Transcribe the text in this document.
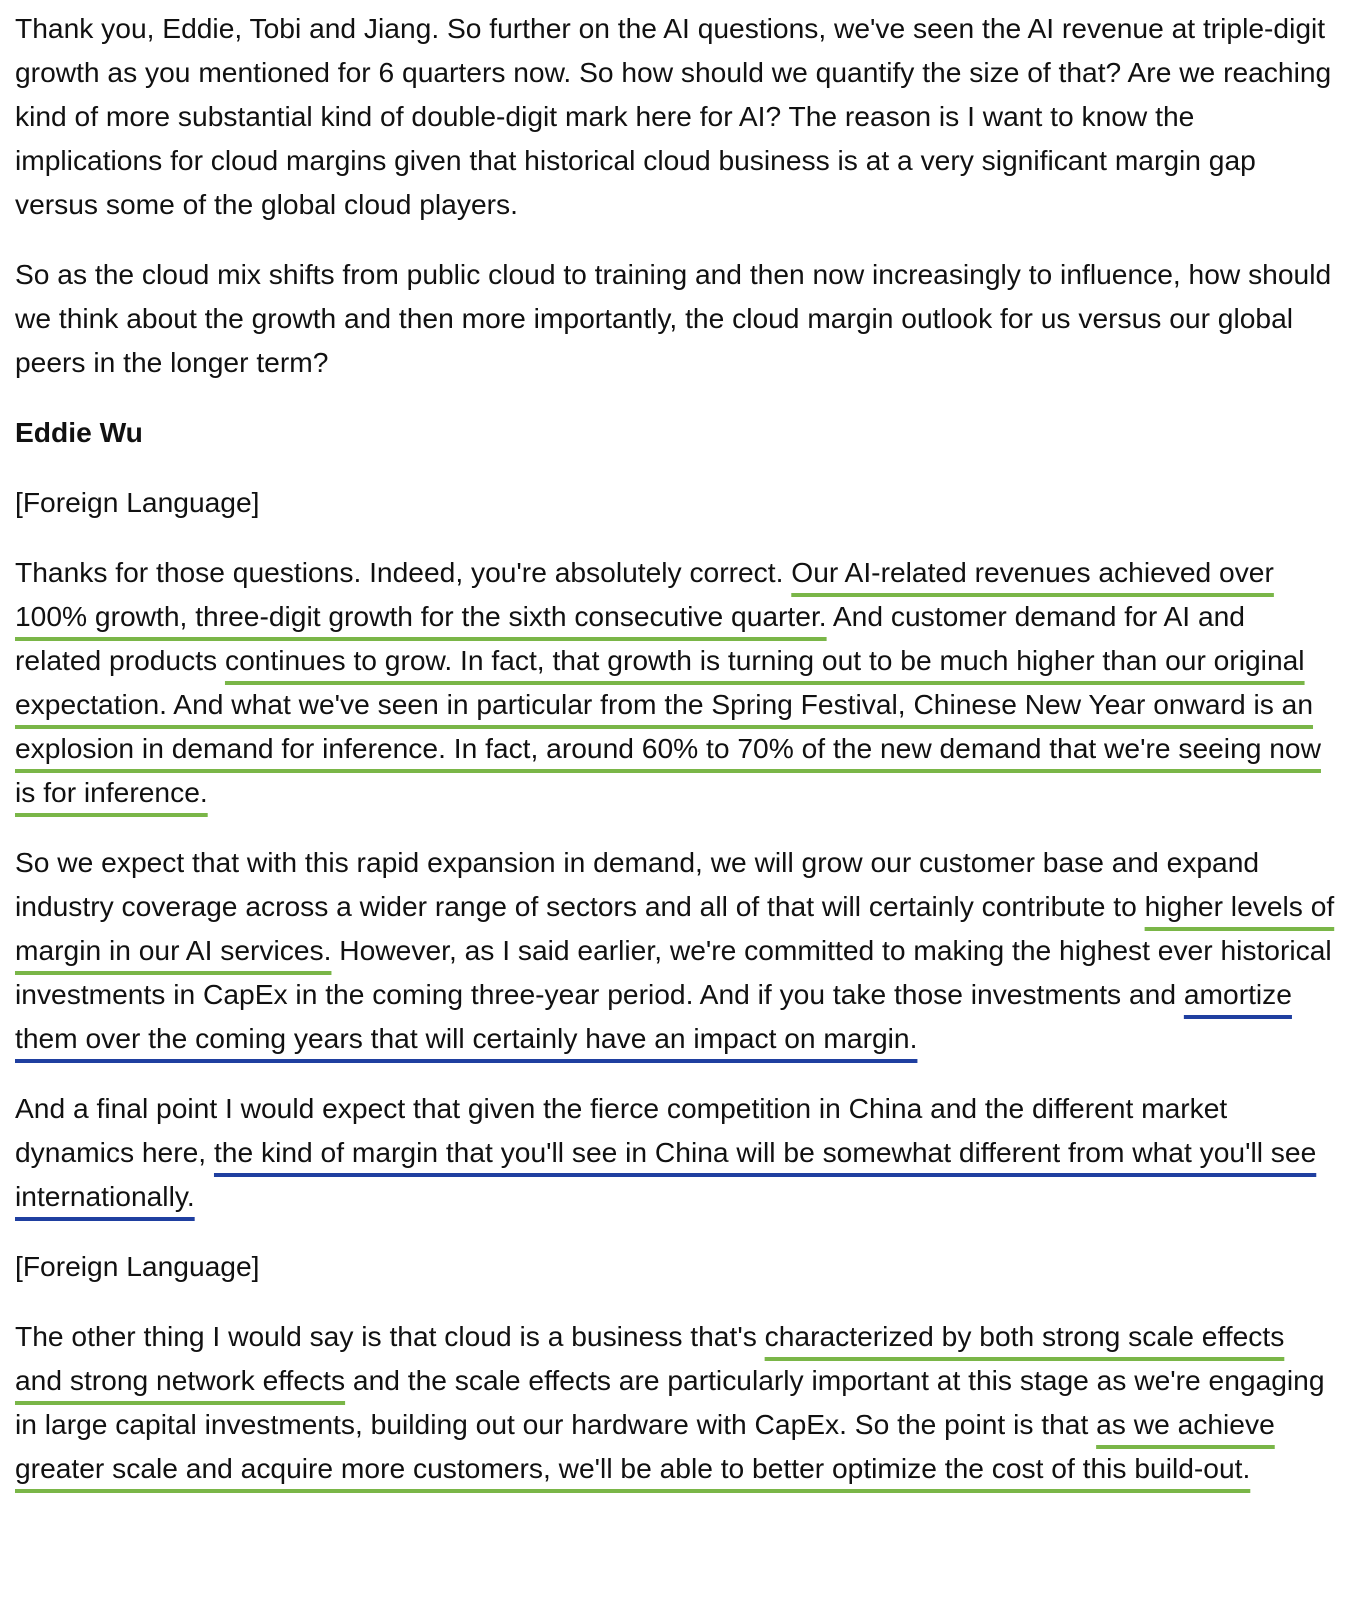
Thank you, Eddie, Tobi and Jiang. So further on the AI questions, we've seen the AI revenue at triple-digit growth as you mentioned for 6 quarters now. So how should we quantify the size of that? Are we reaching kind of more substantial kind of double-digit mark here for AI? The reason is I want to know the implications for cloud margins given that historical cloud business is at a very significant margin gap versus some of the global cloud players.

So as the cloud mix shifts from public cloud to training and then now increasingly to influence, how should we think about the growth and then more importantly, the cloud margin outlook for us versus our global peers in the longer term?

Eddie Wu

[Foreign Language]

Thanks for those questions. Indeed, you're absolutely correct. Our AI-related revenues achieved over 100% growth, three-digit growth for the sixth consecutive quarter. And customer demand for AI and related products continues to grow. In fact, that growth is turning out to be much higher than our original expectation. And what we've seen in particular from the Spring Festival, Chinese New Year onward is an explosion in demand for inference. In fact, around 60% to 70% of the new demand that we're seeing now is for inference.

So we expect that with this rapid expansion in demand, we will grow our customer base and expand industry coverage across a wider range of sectors and all of that will certainly contribute to higher levels of margin in our AI services. However, as I said earlier, we're committed to making the highest ever historical investments in CapEx in the coming three-year period. And if you take those investments and amortize them over the coming years that will certainly have an impact on margin.

And a final point I would expect that given the fierce competition in China and the different market dynamics here, the kind of margin that you'll see in China will be somewhat different from what you'll see internationally.

[Foreign Language]

The other thing I would say is that cloud is a business that's characterized by both strong scale effects and strong network effects and the scale effects are particularly important at this stage as we're engaging in large capital investments, building out our hardware with CapEx. So the point is that as we achieve greater scale and acquire more customers, we'll be able to better optimize the cost of this build-out.
